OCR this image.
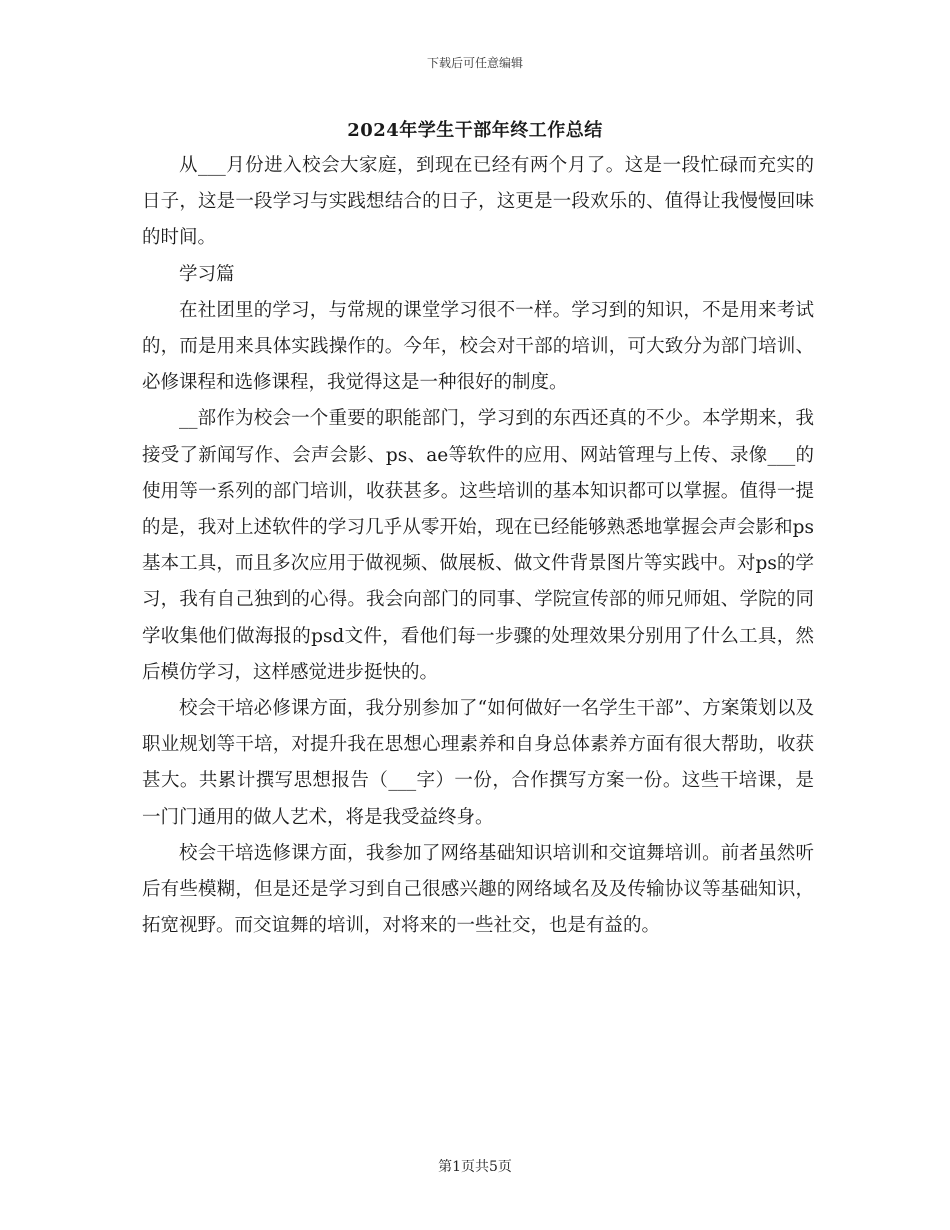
下载后可任意编辑
2024年学生干部年终工作总结

从___月份进入校会大家庭，到现在已经有两个月了。这是一段忙碌而充实的日子，这是一段学习与实践想结合的日子，这更是一段欢乐的、值得让我慢慢回味的时间。

学习篇

在社团里的学习，与常规的课堂学习很不一样。学习到的知识，不是用来考试的，而是用来具体实践操作的。今年，校会对干部的培训，可大致分为部门培训、必修课程和选修课程，我觉得这是一种很好的制度。

__部作为校会一个重要的职能部门，学习到的东西还真的不少。本学期来，我接受了新闻写作、会声会影、ps、ae等软件的应用、网站管理与上传、录像___的使用等一系列的部门培训，收获甚多。这些培训的基本知识都可以掌握。值得一提的是，我对上述软件的学习几乎从零开始，现在已经能够熟悉地掌握会声会影和ps基本工具，而且多次应用于做视频、做展板、做文件背景图片等实践中。对ps的学习，我有自己独到的心得。我会向部门的同事、学院宣传部的师兄师姐、学院的同学收集他们做海报的psd文件，看他们每一步骤的处理效果分别用了什么工具，然后模仿学习，这样感觉进步挺快的。

校会干培必修课方面，我分别参加了“如何做好一名学生干部”、方案策划以及职业规划等干培，对提升我在思想心理素养和自身总体素养方面有很大帮助，收获甚大。共累计撰写思想报告（___字）一份，合作撰写方案一份。这些干培课，是一门门通用的做人艺术，将是我受益终身。

校会干培选修课方面，我参加了网络基础知识培训和交谊舞培训。前者虽然听后有些模糊，但是还是学习到自己很感兴趣的网络域名及及传输协议等基础知识，拓宽视野。而交谊舞的培训，对将来的一些社交，也是有益的。

第1页共5页
